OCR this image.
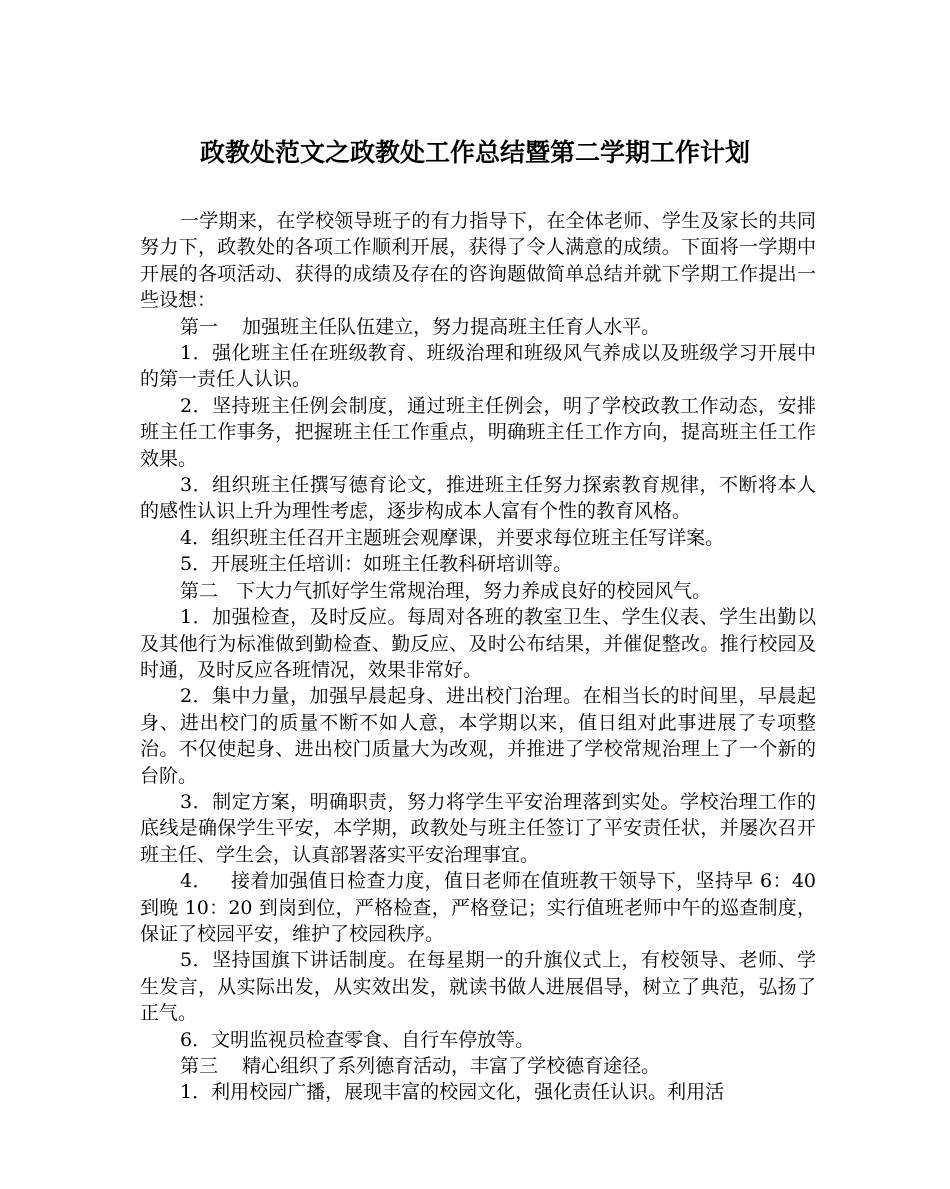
政教处范文之政教处工作总结暨第二学期工作计划

一学期来，在学校领导班子的有力指导下，在全体老师、学生及家长的共同努力下，政教处的各项工作顺利开展，获得了令人满意的成绩。下面将一学期中开展的各项活动、获得的成绩及存在的咨询题做简单总结并就下学期工作提出一些设想：

第一    加强班主任队伍建立，努力提高班主任育人水平。

1．强化班主任在班级教育、班级治理和班级风气养成以及班级学习开展中的第一责任人认识。

2．坚持班主任例会制度，通过班主任例会，明了学校政教工作动态，安排班主任工作事务，把握班主任工作重点，明确班主任工作方向，提高班主任工作效果。

3．组织班主任撰写德育论文，推进班主任努力探索教育规律，不断将本人的感性认识上升为理性考虑，逐步构成本人富有个性的教育风格。

4．组织班主任召开主题班会观摩课，并要求每位班主任写详案。

5．开展班主任培训：如班主任教科研培训等。

第二   下大力气抓好学生常规治理，努力养成良好的校园风气。

1．加强检查，及时反应。每周对各班的教室卫生、学生仪表、学生出勤以及其他行为标准做到勤检查、勤反应、及时公布结果，并催促整改。推行校园及时通，及时反应各班情况，效果非常好。

2．集中力量，加强早晨起身、进出校门治理。在相当长的时间里，早晨起身、进出校门的质量不断不如人意，本学期以来，值日组对此事进展了专项整治。不仅使起身、进出校门质量大为改观，并推进了学校常规治理上了一个新的台阶。

3．制定方案，明确职责，努力将学生平安治理落到实处。学校治理工作的底线是确保学生平安，本学期，政教处与班主任签订了平安责任状，并屡次召开班主任、学生会，认真部署落实平安治理事宜。

4．   接着加强值日检查力度，值日老师在值班教干领导下，坚持早 6：40 到晚 10：20 到岗到位，严格检查，严格登记；实行值班老师中午的巡查制度，保证了校园平安，维护了校园秩序。

5．坚持国旗下讲话制度。在每星期一的升旗仪式上，有校领导、老师、学生发言，从实际出发，从实效出发，就读书做人进展倡导，树立了典范，弘扬了正气。

6．文明监视员检查零食、自行车停放等。

第三    精心组织了系列德育活动，丰富了学校德育途径。

1．利用校园广播，展现丰富的校园文化，强化责任认识。利用活
